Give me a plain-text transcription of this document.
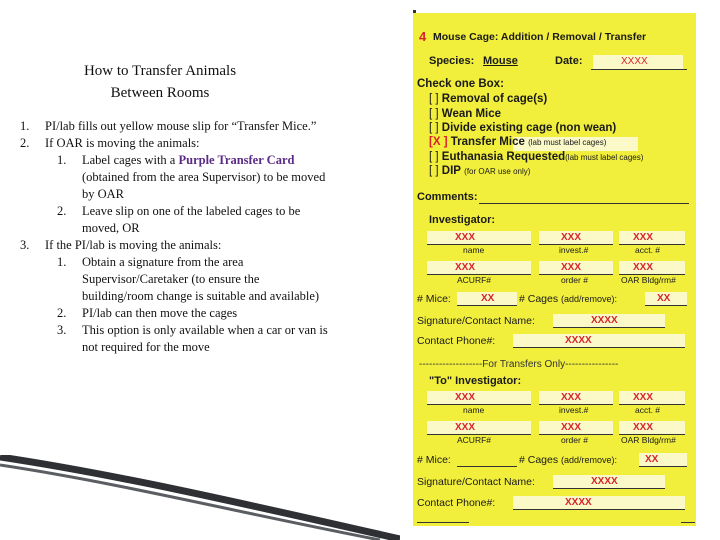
How to Transfer Animals
Between Rooms
1. PI/lab fills out yellow mouse slip for “Transfer Mice.”
2. If OAR is moving the animals:
1. Label cages with a Purple Transfer Card
(obtained from the area Supervisor) to be moved
by OAR
2. Leave slip on one of the labeled cages to be
moved, OR
3. If the PI/lab is moving the animals:
1. Obtain a signature from the area
Supervisor/Caretaker (to ensure the
building/room change is suitable and available)
2. PI/lab can then move the cages
3. This option is only available when a car or van is
not required for the move
4 Mouse Cage: Addition / Removal / Transfer
Species: Mouse	Date:	XXXX
Check one Box:
[ ] Removal of cage(s)
[ ] Wean Mice
[ ] Divide existing cage (non wean)
[X ] Transfer Mice (lab must label cages)
[ ] Euthanasia Requested(lab must label cages)
[ ] DIP (for OAR use only)
Comments:
Investigator:
XXX	XXX	XXX
name	invest.#	acct. #
XXX	XXX	XXX
ACURF#	order #	OAR Bldg/rm#
# Mice:	XX # Cages (add/remove):	XX
Signature/Contact Name:	XXXX
Contact Phone#:	XXXX
-------------------For Transfers Only----------------
"To" Investigator:
XXX	XXX	XXX
name	invest.#	acct. #
XXX	XXX	XXX
ACURF#	order #	OAR Bldg/rm#
# Mice:	# Cages (add/remove):	XX
Signature/Contact Name:	XXXX
Contact Phone#:	XXXX
